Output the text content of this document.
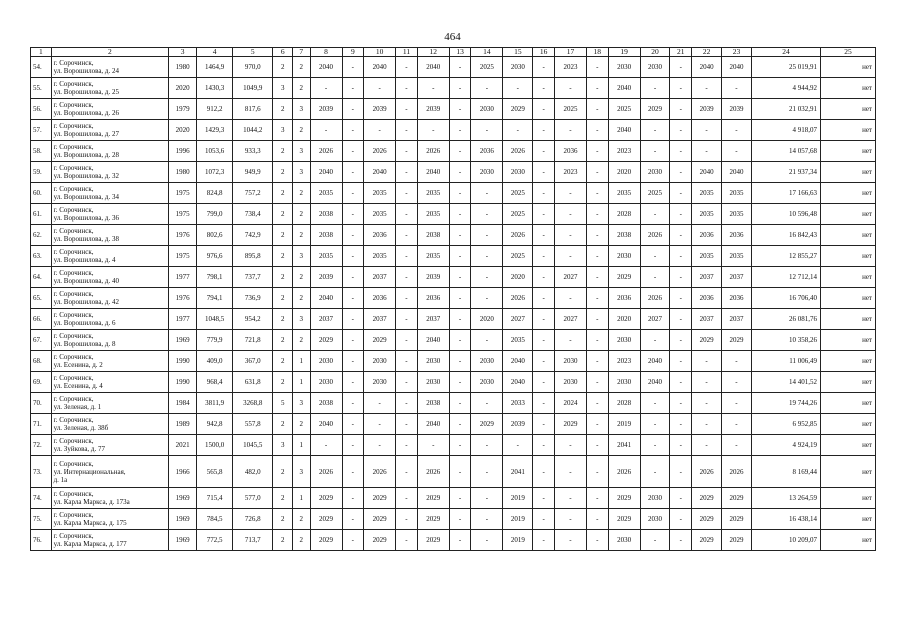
464
1	2	3	4	5	6	7	8	9	10	11	12	13	14	15	16	17	18	19	20	21	22	23	24	25
54.	г. Сорочинск,
ул. Ворошилова, д. 24	1980	1464,9	970,0	2	2	2040	-	2040	-	2040	-	2025	2030	-	2023	-	2030	2030	-	2040	2040	25 019,91	нет
55.	г. Сорочинск,
ул. Ворошилова, д. 25	2020	1430,3	1049,9	3	2	-	-	-	-	-	-	-	-	-	-	-	2040	-	-	-	-	4 944,92	нет
56.	г. Сорочинск,
ул. Ворошилова, д. 26	1979	912,2	817,6	2	3	2039	-	2039	-	2039	-	2030	2029	-	2025	-	2025	2029	-	2039	2039	21 032,91	нет
57.	г. Сорочинск,
ул. Ворошилова, д. 27	2020	1429,3	1044,2	3	2	-	-	-	-	-	-	-	-	-	-	-	2040	-	-	-	-	4 918,07	нет
58.	г. Сорочинск,
ул. Ворошилова, д. 28	1996	1053,6	933,3	2	3	2026	-	2026	-	2026	-	2036	2026	-	2036	-	2023	-	-	-	-	14 057,68	нет
59.	г. Сорочинск,
ул. Ворошилова, д. 32	1980	1072,3	949,9	2	3	2040	-	2040	-	2040	-	2030	2030	-	2023	-	2020	2030	-	2040	2040	21 937,34	нет
60.	г. Сорочинск,
ул. Ворошилова, д. 34	1975	824,8	757,2	2	2	2035	-	2035	-	2035	-	-	2025	-	-	-	2035	2025	-	2035	2035	17 166,63	нет
61.	г. Сорочинск,
ул. Ворошилова, д. 36	1975	799,0	738,4	2	2	2038	-	2035	-	2035	-	-	2025	-	-	-	2028	-	-	2035	2035	10 596,48	нет
62.	г. Сорочинск,
ул. Ворошилова, д. 38	1976	802,6	742,9	2	2	2038	-	2036	-	2038	-	-	2026	-	-	-	2038	2026	-	2036	2036	16 842,43	нет
63.	г. Сорочинск,
ул. Ворошилова, д. 4	1975	976,6	895,8	2	3	2035	-	2035	-	2035	-	-	2025	-	-	-	2030	-	-	2035	2035	12 855,27	нет
64.	г. Сорочинск,
ул. Ворошилова, д. 40	1977	798,1	737,7	2	2	2039	-	2037	-	2039	-	-	2020	-	2027	-	2029	-	-	2037	2037	12 712,14	нет
65.	г. Сорочинск,
ул. Ворошилова, д. 42	1976	794,1	736,9	2	2	2040	-	2036	-	2036	-	-	2026	-	-	-	2036	2026	-	2036	2036	16 706,40	нет
66.	г. Сорочинск,
ул. Ворошилова, д. 6	1977	1048,5	954,2	2	3	2037	-	2037	-	2037	-	2020	2027	-	2027	-	2020	2027	-	2037	2037	26 081,76	нет
67.	г. Сорочинск,
ул. Ворошилова, д. 8	1969	779,9	721,8	2	2	2029	-	2029	-	2040	-	-	2035	-	-	-	2030	-	-	2029	2029	10 358,26	нет
68.	г. Сорочинск,
ул. Есенина, д. 2	1990	409,0	367,0	2	1	2030	-	2030	-	2030	-	2030	2040	-	2030	-	2023	2040	-	-	-	11 006,49	нет
69.	г. Сорочинск,
ул. Есенина, д. 4	1990	968,4	631,8	2	1	2030	-	2030	-	2030	-	2030	2040	-	2030	-	2030	2040	-	-	-	14 401,52	нет
70.	г. Сорочинск,
ул. Зеленая, д. 1	1984	3811,9	3268,8	5	3	2038	-	-	-	2038	-	-	2033	-	2024	-	2028	-	-	-	-	19 744,26	нет
71.	г. Сорочинск,
ул. Зеленая, д. 38б	1989	942,8	557,8	2	2	2040	-	-	-	2040	-	2029	2039	-	2029	-	2019	-	-	-	-	6 952,85	нет
72.	г. Сорочинск,
ул. Зуйкова, д. 77	2021	1500,0	1045,5	3	1	-	-	-	-	-	-	-	-	-	-	-	2041	-	-	-	-	4 924,19	нет
73.	г. Сорочинск,
ул. Интернациональная,
д. 1а	1966	565,8	482,0	2	3	2026	-	2026	-	2026	-	-	2041	-	-	-	2026	-	-	2026	2026	8 169,44	нет
74.	г. Сорочинск,
ул. Карла Маркса, д. 173а	1969	715,4	577,0	2	1	2029	-	2029	-	2029	-	-	2019	-	-	-	2029	2030	-	2029	2029	13 264,59	нет
75.	г. Сорочинск,
ул. Карла Маркса, д. 175	1969	784,5	726,8	2	2	2029	-	2029	-	2029	-	-	2019	-	-	-	2029	2030	-	2029	2029	16 438,14	нет
76.	г. Сорочинск,
ул. Карла Маркса, д. 177	1969	772,5	713,7	2	2	2029	-	2029	-	2029	-	-	2019	-	-	-	2030	-	-	2029	2029	10 209,07	нет
